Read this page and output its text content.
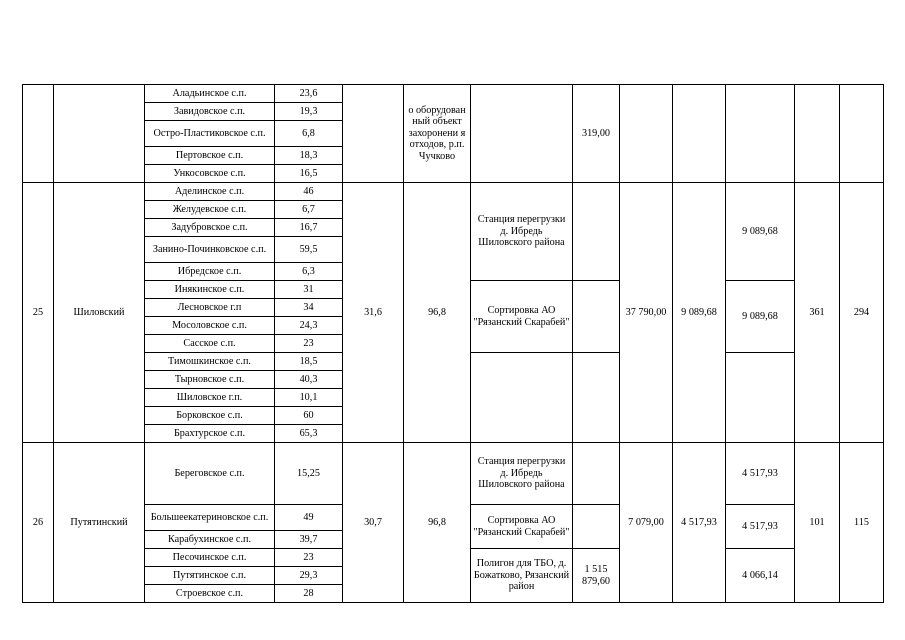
		Аладьинское с.п.	23,6		о оборудован ный объект захоронени я отходов, р.п. Чучково		319,00					
		Завидовское с.п.	19,3									
		Остро-Пластиковское с.п.	6,8									
		Пертовское с.п.	18,3									
		Ункосовское с.п.	16,5									
25	Шиловский	Аделинское с.п.	46	31,6	96,8	Станция перегрузки д. Ибредь Шиловского района		37 790,00	9 089,68	9 089,68	361	294
		Желудевское с.п.	6,7									
		Задубровское с.п.	16,7									
		Занино-Починковское с.п.	59,5									
		Ибредское с.п.	6,3									
		Инякинское с.п.	31			Сортировка АО "Рязанский Скарабей"				9 089,68		
		Лесновское г.п	34									
		Мосоловское с.п.	24,3									
		Сасское с.п.	23									
		Тимошкинское с.п.	18,5									
		Тырновское с.п.	40,3									
		Шиловское г.п.	10,1									
		Борковское с.п.	60									
		Брахтурское с.п.	65,3									
26	Путятинский	Береговское с.п.	15,25	30,7	96,8	Станция перегрузки д. Ибредь Шиловского района		7 079,00	4 517,93	4 517,93	101	115
		Большеекатериновское с.п.	49			Сортировка АО "Рязанский Скарабей"				4 517,93		
		Карабухинское с.п.	39,7									
		Песочинское с.п.	23			Полигон для ТБО, д. Божатково, Рязанский район	1 515 879,60			4 066,14		
		Путятинское с.п.	29,3									
		Строевское с.п.	28									
